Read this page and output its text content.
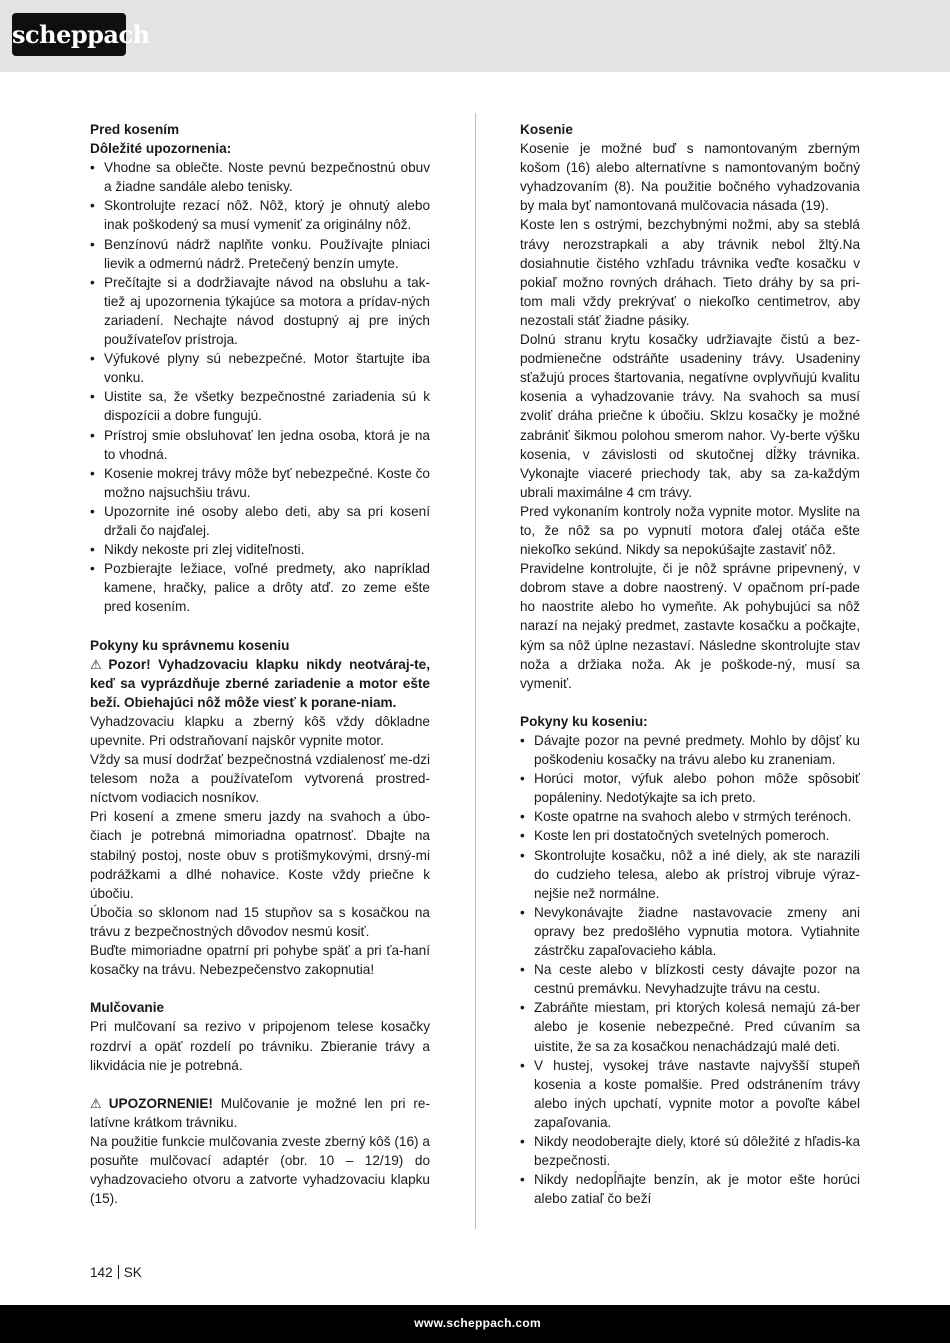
scheppach
Pred kosením
Dôležité upozornenia:
• Vhodne sa oblečte. Noste pevnú bezpečnostnú obuv a žiadne sandále alebo tenisky.
• Skontrolujte rezací nôž. Nôž, ktorý je ohnutý alebo inak poškodený sa musí vymeniť za originálny nôž.
• Benzínovú nádrž naplňte vonku. Používajte plniaci lievik a odmernú nádrž. Pretečený benzín umyte.
• Prečítajte si a dodržiavajte návod na obsluhu a tak-tiež aj upozornenia týkajúce sa motora a prídav-ných zariadení. Nechajte návod dostupný aj pre iných používateľov prístroja.
• Výfukové plyny sú nebezpečné. Motor štartujte iba vonku.
• Uistite sa, že všetky bezpečnostné zariadenia sú k dispozícii a dobre fungujú.
• Prístroj smie obsluhovať len jedna osoba, ktorá je na to vhodná.
• Kosenie mokrej trávy môže byť nebezpečné. Koste čo možno najsuchšiu trávu.
• Upozornite iné osoby alebo deti, aby sa pri kosení držali čo najďalej.
• Nikdy nekoste pri zlej viditeľnosti.
• Pozbierajte ležiace, voľné predmety, ako napríklad kamene, hračky, palice a drôty atď. zo zeme ešte pred kosením.
Pokyny ku správnemu koseniu

⚠ Pozor! Vyhadzovaciu klapku nikdy neotváraj-te, keď sa vyprázdňuje zberné zariadenie a motor ešte beží. Obiehajúci nôž môže viesť k poranе-niam.

Vyhadzovaciu klapku a zberný kôš vždy dôkladne upevnite. Pri odstraňovaní najskôr vypnite motor.

Vždy sa musí dodržať bezpečnostná vzdialenosť me-dzi telesom noža a používateľom vytvorená prostred-níctvom vodiacich nosníkov.

Pri kosení a zmene smeru jazdy na svahoch a úbo-čiach je potrebná mimoriadna opatrnosť. Dbajte na stabilný postoj, noste obuv s protišmykovými, drsný-mi podrážkami a dlhé nohavice. Koste vždy priečne k úbočiu.

Úbočia so sklonom nad 15 stupňov sa s kosačkou na trávu z bezpečnostných dôvodov nesmú kosiť.

Buďte mimoriadne opatrní pri pohybe späť a pri ťa-haní kosačky na trávu. Nebezpečenstvo zakopnutia!

Mulčovanie

Pri mulčovaní sa rezivo v pripojenom telese kosačky rozdrví a opäť rozdelí po trávniku. Zbieranie trávy a likvidácia nie je potrebná.

⚠ UPOZORNENIE! Mulčovanie je možné len pri re-latívne krátkom trávniku.

Na použitie funkcie mulčovania zveste zberný kôš (16) a posuňte mulčovací adaptér (obr. 10 – 12/19) do vyhadzovacieho otvoru a zatvorte vyhadzovaciu klapku (15).

Kosenie

Kosenie je možné buď s namontovaným zberným košom (16) alebo alternatívne s namontovaným bočný vyhadzovaním (8). Na použitie bočného vyhadzovania by mala byť namontovaná mulčovacia násada (19).

Koste len s ostrými, bezchybnými nožmi, aby sa steblá trávy nerozstrapkali a aby trávnik nebol žltý.Na dosiahnutie čistého vzhľadu trávnika veďte kosačku v pokiaľ možno rovných dráhach. Tieto dráhy by sa pri-tom mali vždy prekrývať o niekoľko centimetrov, aby nezostali stáť žiadne pásiky.

Dolnú stranu krytu kosačky udržiavajte čistú a bez-podmienečne odstráňte usadeniny trávy. Usadeniny sťažujú proces štartovania, negatívne ovplyvňujú kvalitu kosenia a vyhadzovanie trávy. Na svahoch sa musí zvoliť dráha priečne k úbočiu. Sklzu kosačky je možné zabrániť šikmou polohou smerom nahor. Vy-berte výšku kosenia, v závislosti od skutočnej dĺžky trávnika. Vykonajte viaceré priechody tak, aby sa za-každým ubrali maximálne 4 cm trávy.

Pred vykonaním kontroly noža vypnite motor. Myslite na to, že nôž sa po vypnutí motora ďalej otáča ešte niekoľko sekúnd. Nikdy sa nepokúšajte zastaviť nôž.

Pravidelne kontrolujte, či je nôž správne pripevnený, v dobrom stave a dobre naostrený. V opačnom prí-pade ho naostrite alebo ho vymeňte. Ak pohybujúci sa nôž narazí na nejaký predmet, zastavte kosačku a počkajte, kým sa nôž úplne nezastaví. Následne skontrolujte stav noža a držiaka noža. Ak je poškode-ný, musí sa vymeniť.

Pokyny ku koseniu:
• Dávajte pozor na pevné predmety. Mohlo by dôjsť ku poškodeniu kosačky na trávu alebo ku zraneniam.
• Horúci motor, výfuk alebo pohon môže spôsobiť popáleniny. Nedotýkajte sa ich preto.
• Koste opatrne na svahoch alebo v strmých terénoch.
• Koste len pri dostatočných svetelných pomeroch.
• Skontrolujte kosačku, nôž a iné diely, ak ste narazili do cudzieho telesa, alebo ak prístroj vibruje výraz-nejšie než normálne.
• Nevykonávajte žiadne nastavovacie zmeny ani opravy bez predošlého vypnutia motora. Vytiahnite zástrčku zapaľovacieho kábla.
• Na ceste alebo v blízkosti cesty dávajte pozor na cestnú premávku. Nevyhadzujte trávu na cestu.
• Zabráňte miestam, pri ktorých kolesá nemajú zá-ber alebo je kosenie nebezpečné. Pred cúvaním sa uistite, že sa za kosačkou nenachádzajú malé deti.
• V hustej, vysokej tráve nastavte najvyšší stupeň kosenia a koste pomalšie. Pred odstránením trávy alebo iných upchatí, vypnite motor a povoľte kábel zapaľovania.
• Nikdy neodoberajte diely, ktoré sú dôležité z hľadis-ka bezpečnosti.
• Nikdy nedopĺňajte benzín, ak je motor ešte horúci alebo zatiaľ čo beží
142 SK
www.scheppach.com
